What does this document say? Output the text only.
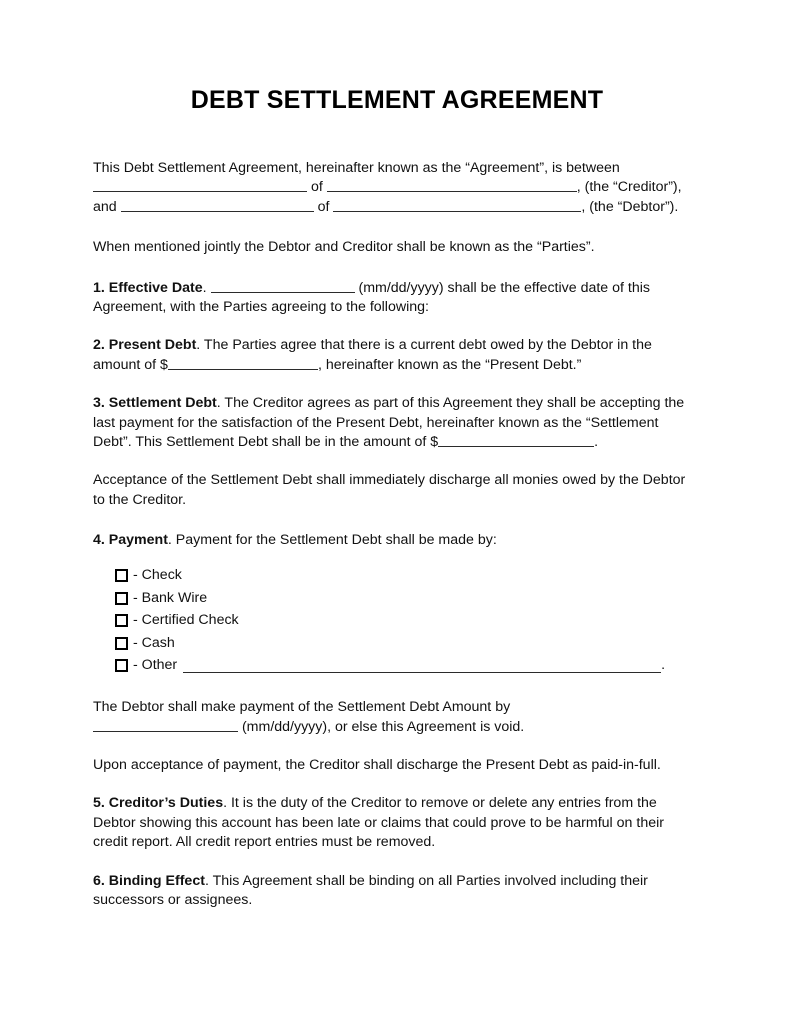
DEBT SETTLEMENT AGREEMENT

This Debt Settlement Agreement, hereinafter known as the “Agreement”, is between
of	, (the “Creditor”),
and	of	, (the “Debtor”).

When mentioned jointly the Debtor and Creditor shall be known as the “Parties”.

1. Effective Date.	(mm/dd/yyyy) shall be the effective date of this
Agreement, with the Parties agreeing to the following:

2. Present Debt. The Parties agree that there is a current debt owed by the Debtor in the
amount of $	, hereinafter known as the “Present Debt.”

3. Settlement Debt. The Creditor agrees as part of this Agreement they shall be accepting the
last payment for the satisfaction of the Present Debt, hereinafter known as the “Settlement
Debt”. This Settlement Debt shall be in the amount of $	.

Acceptance of the Settlement Debt shall immediately discharge all monies owed by the Debtor
to the Creditor.

4. Payment. Payment for the Settlement Debt shall be made by:

- Check
- Bank Wire
- Certified Check
- Cash
- Other	.

The Debtor shall make payment of the Settlement Debt Amount by
(mm/dd/yyyy), or else this Agreement is void.

Upon acceptance of payment, the Creditor shall discharge the Present Debt as paid-in-full.

5. Creditor’s Duties. It is the duty of the Creditor to remove or delete any entries from the
Debtor showing this account has been late or claims that could prove to be harmful on their
credit report. All credit report entries must be removed.

6. Binding Effect. This Agreement shall be binding on all Parties involved including their
successors or assignees.
